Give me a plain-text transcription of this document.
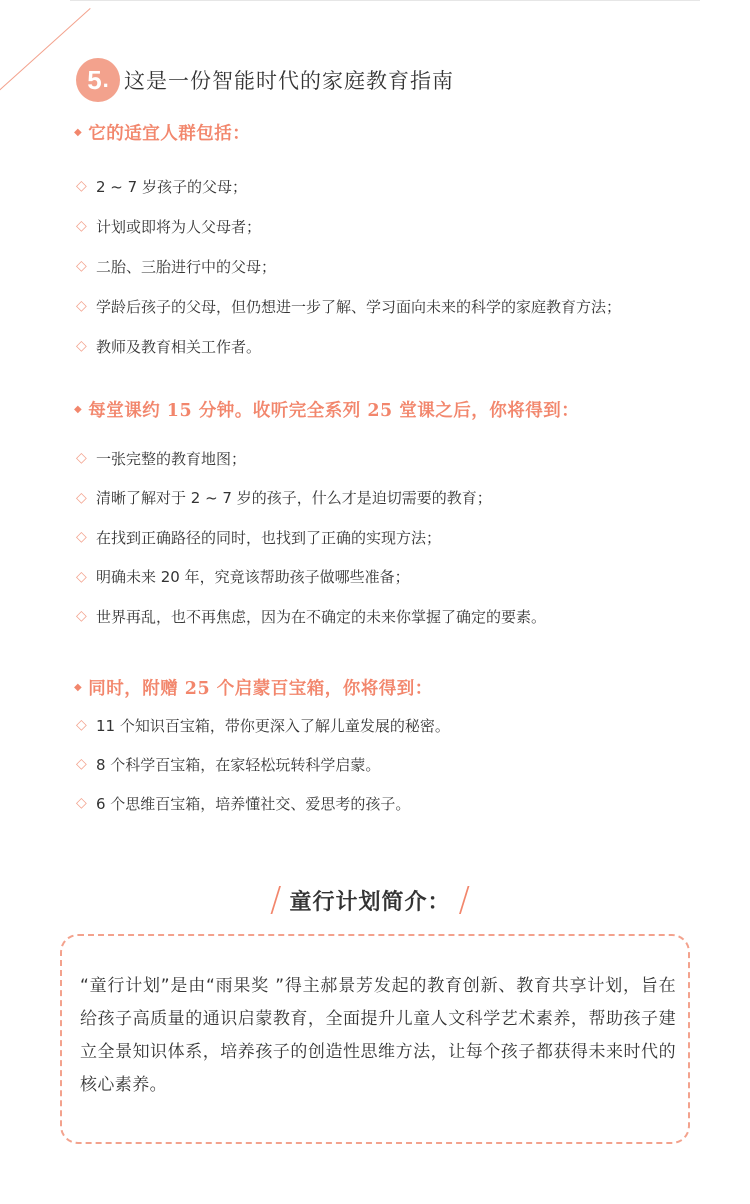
5 . 这是一份智能时代的家庭教育指南
◆ 它的适宜人群包括：
◇ 2 ~ 7 岁孩子的父母；
◇ 计划或即将为人父母者；
◇ 二胎、三胎进行中的父母；
◇ 学龄后孩子的父母，但仍想进一步了解、学习面向未来的科学的家庭教育方法；
◇ 教师及教育相关工作者。
◆ 每堂课约 15 分钟。收听完全系列 25 堂课之后，你将得到：
◇ 一张完整的教育地图；
◇ 清晰了解对于 2 ~ 7 岁的孩子，什么才是迫切需要的教育；
◇ 在找到正确路径的同时，也找到了正确的实现方法；
◇ 明确未来 20 年，究竟该帮助孩子做哪些准备；
◇ 世界再乱，也不再焦虑，因为在不确定的未来你掌握了确定的要素。
◆ 同时，附赠 25 个启蒙百宝箱，你将得到：
◇ 11 个知识百宝箱，带你更深入了解儿童发展的秘密。
◇ 8 个科学百宝箱，在家轻松玩转科学启蒙。
◇ 6 个思维百宝箱，培养懂社交、爱思考的孩子。
/ 童行计划简介： /
“童行计划”是由“雨果奖 ”得主郝景芳发起的教育创新、教育共享计划，旨在给孩子高质量的通识启蒙教育，全面提升儿童人文科学艺术素养，帮助孩子建立全景知识体系，培养孩子的创造性思维方法，让每个孩子都获得未来时代的核心素养。
